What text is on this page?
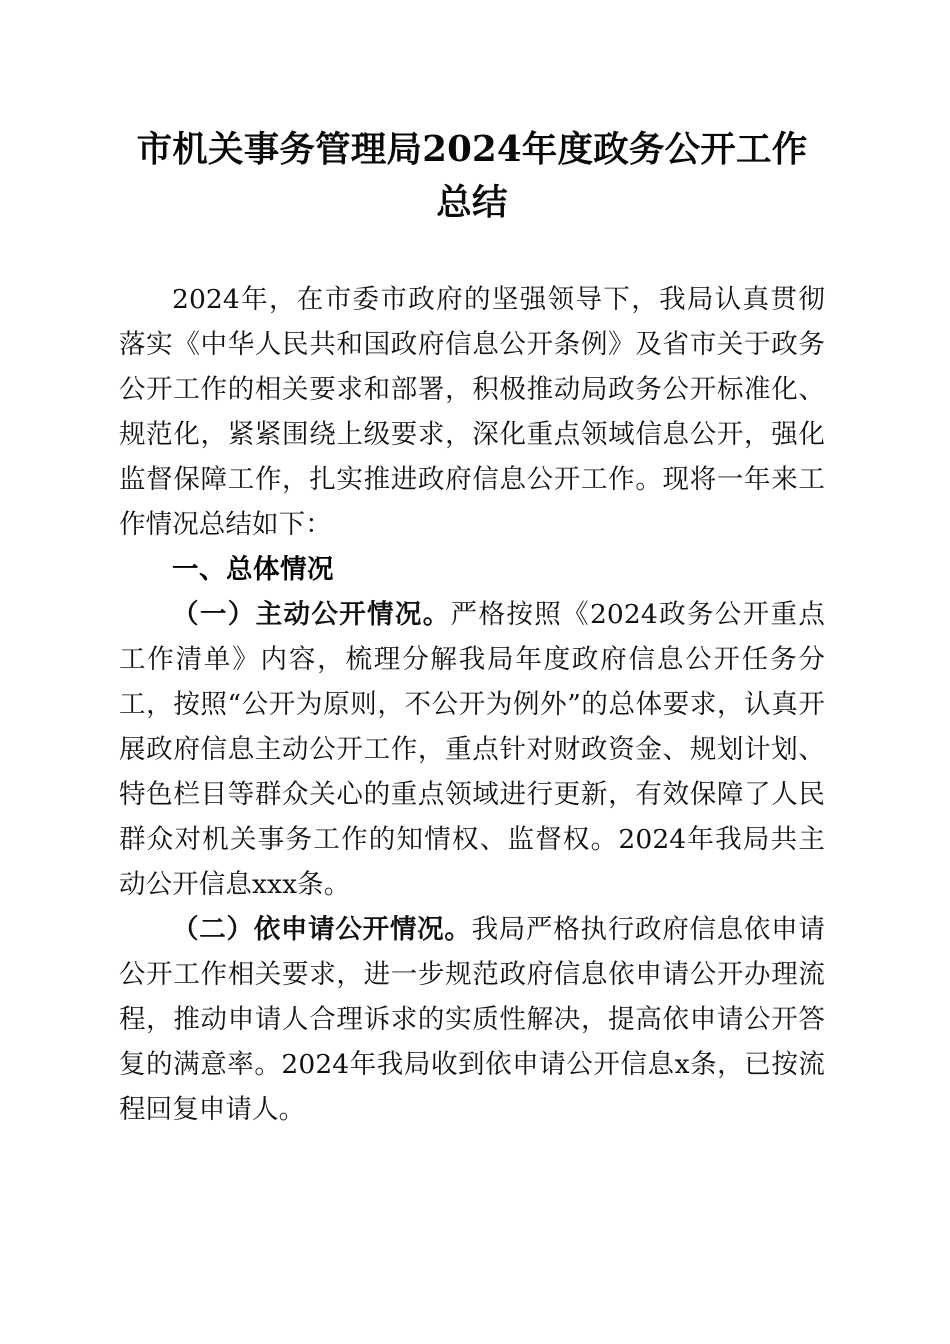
市机关事务管理局2024年度政务公开工作总结

2024年，在市委市政府的坚强领导下，我局认真贯彻落实《中华人民共和国政府信息公开条例》及省市关于政务公开工作的相关要求和部署，积极推动局政务公开标准化、规范化，紧紧围绕上级要求，深化重点领域信息公开，强化监督保障工作，扎实推进政府信息公开工作。现将一年来工作情况总结如下：

一、总体情况

（一）主动公开情况。严格按照《2024政务公开重点工作清单》内容，梳理分解我局年度政府信息公开任务分工，按照“公开为原则，不公开为例外”的总体要求，认真开展政府信息主动公开工作，重点针对财政资金、规划计划、特色栏目等群众关心的重点领域进行更新，有效保障了人民群众对机关事务工作的知情权、监督权。2024年我局共主动公开信息xxx条。

（二）依申请公开情况。我局严格执行政府信息依申请公开工作相关要求，进一步规范政府信息依申请公开办理流程，推动申请人合理诉求的实质性解决，提高依申请公开答复的满意率。2024年我局收到依申请公开信息x条，已按流程回复申请人。
